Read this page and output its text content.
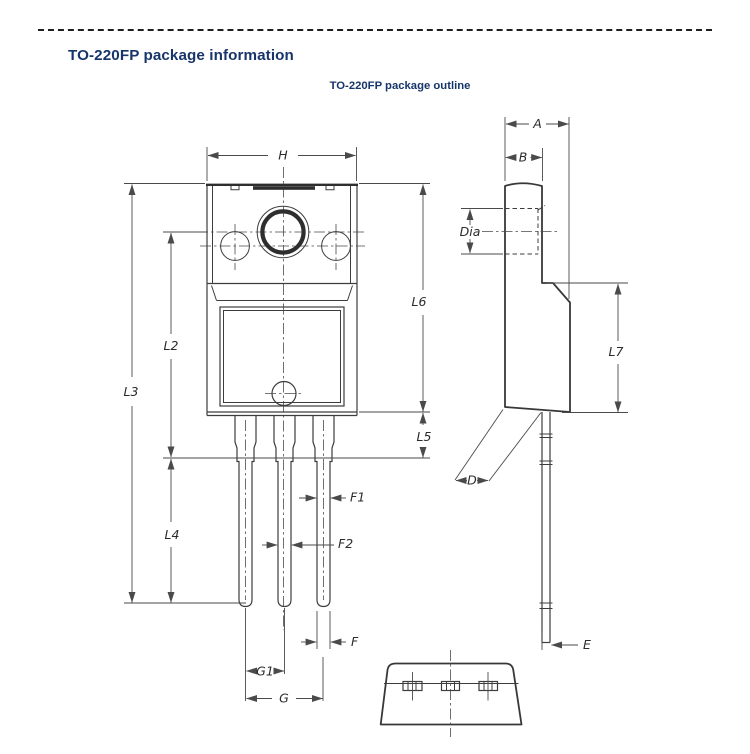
TO-220FP package information
TO-220FP package outline
H
L3
L2
L4
L6
L5
F1
F2
F
G1
G
A
B
Dia
L7
D
E
